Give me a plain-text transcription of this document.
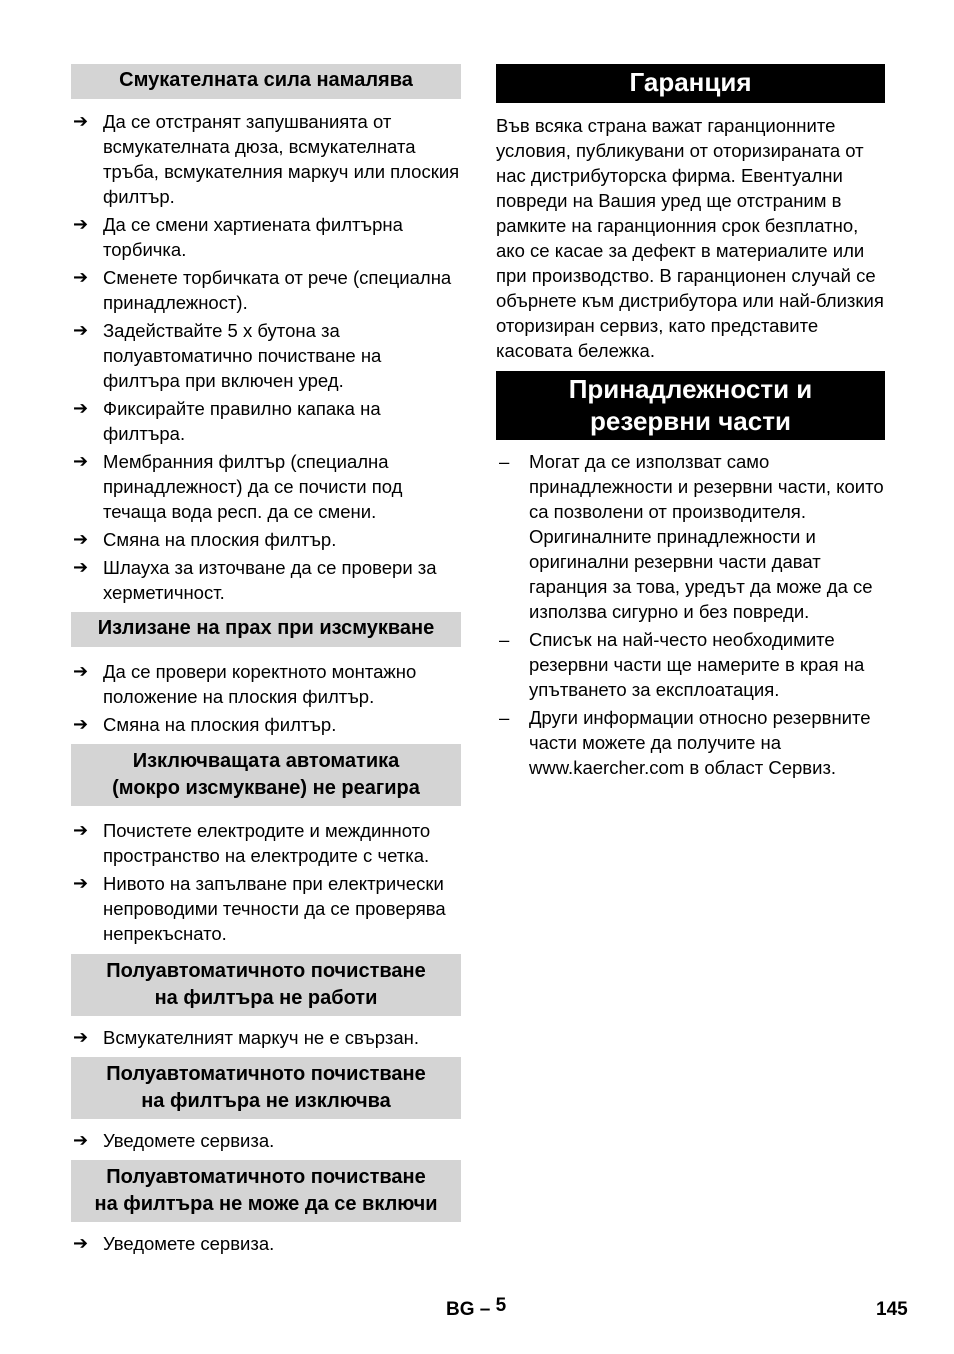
Смукателната сила намалява
➔ Да се отстранят запушванията от всмукателната дюза, всмукателната тръба, всмукателния маркуч или плоския филтър.
➔ Да се смени хартиената филтърна торбичка.
➔ Сменете торбичката от рече (специална принадлежност).
➔ Задействайте 5 x бутона за полуавтоматично почистване на филтъра при включен уред.
➔ Фиксирайте правилно капака на филтъра.
➔ Мембранния филтър (специална принадлежност) да се почисти под течаща вода респ. да се смени.
➔ Смяна на плоския филтър.
➔ Шлауха за източване да се провери за херметичност.
Излизане на прах при изсмукване
➔ Да се провери коректното монтажно положение на плоския филтър.
➔ Смяна на плоския филтър.
Изключващата автоматика
(мокро изсмукване) не реагира
➔ Почистете електродите и междинното пространство на електродите с четка.
➔ Нивото на запълване при електрически непроводими течности да се проверява непрекъснато.
Полуавтоматичното почистване
на филтъра не работи
➔ Всмукателният маркуч не е свързан.
Полуавтоматичното почистване
на филтъра не изключва
➔ Уведомете сервиза.
Полуавтоматичното почистване
на филтъра не може да се включи
➔ Уведомете сервиза.
Гаранция

Във всяка страна важат гаранционните условия, публикувани от оторизираната от нас дистрибуторска фирма. Евентуални повреди на Вашия уред ще отстраним в рамките на гаранционния срок безплатно, ако се касае за дефект в материалите или при производство. В гаранционен случай се обърнете към дистрибутора или най-близкия оторизиран сервиз, като представите касовата бележка.

Принадлежности и
резервни части
– Могат да се използват само принадлежности и резервни части, които са позволени от производителя. Оригиналните принадлежности и оригинални резервни части дават гаранция за това, уредът да може да се използва сигурно и без повреди.
– Списък на най-често необходимите резервни части ще намерите в края на упътването за експлоатация.
– Други информации относно резервните части можете да получите на www.kaercher.com в област Сервиз.
BG – 5	145
